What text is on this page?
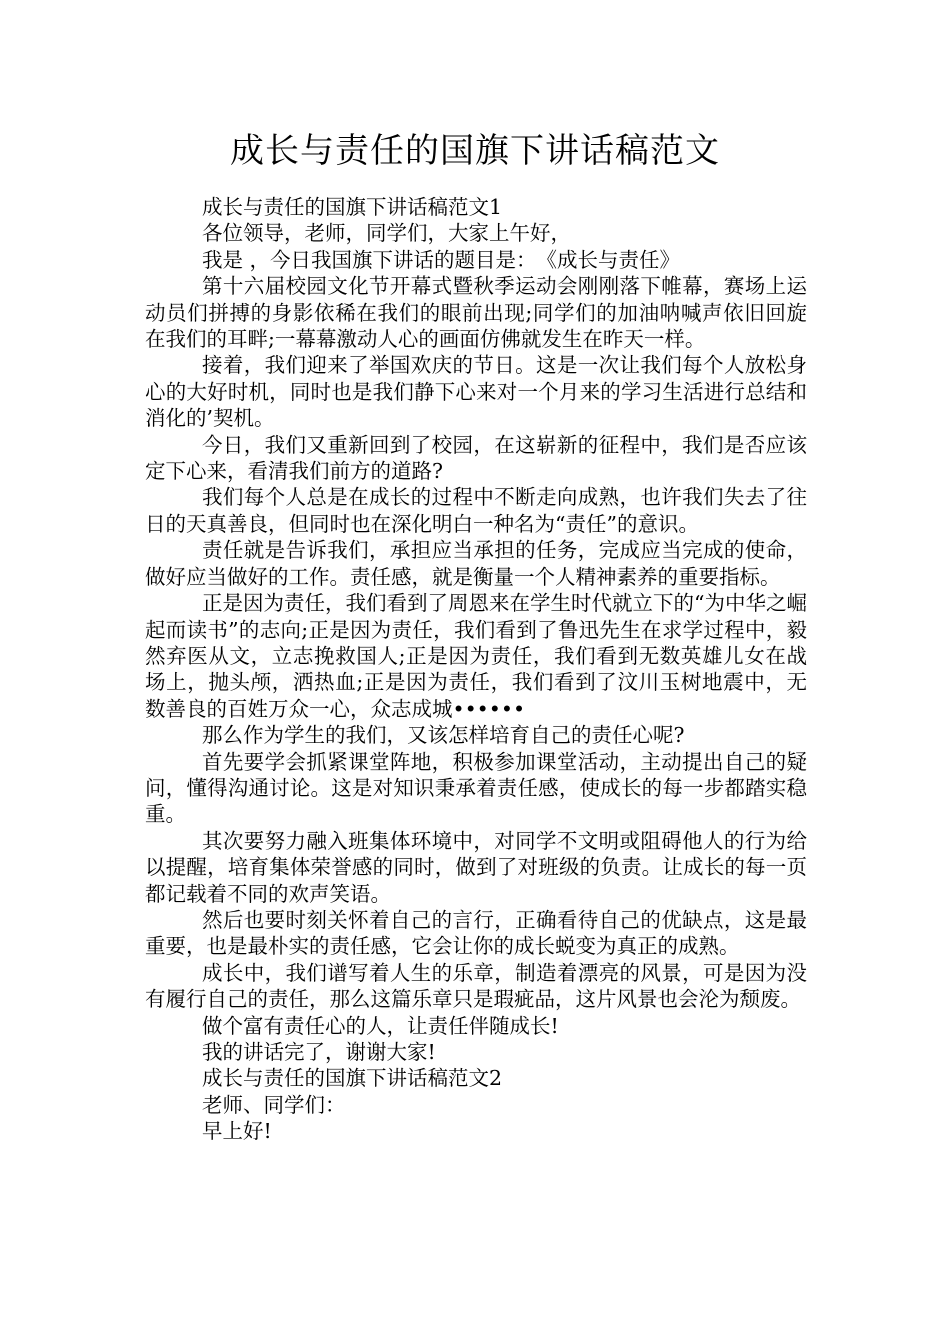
成长与责任的国旗下讲话稿范文

成长与责任的国旗下讲话稿范文1

各位领导，老师，同学们，大家上午好，

我是 ，今日我国旗下讲话的题目是：　《成长与责任》

第十六届校园文化节开幕式暨秋季运动会刚刚落下帷幕，赛场上运动员们拼搏的身影依稀在我们的眼前出现;同学们的加油呐喊声依旧回旋在我们的耳畔;一幕幕激动人心的画面仿佛就发生在昨天一样。

接着，我们迎来了举国欢庆的节日。这是一次让我们每个人放松身心的大好时机，同时也是我们静下心来对一个月来的学习生活进行总结和消化的’契机。

今日，我们又重新回到了校园，在这崭新的征程中，我们是否应该定下心来，看清我们前方的道路?

我们每个人总是在成长的过程中不断走向成熟，也许我们失去了往日的天真善良，但同时也在深化明白一种名为“责任”的意识。

责任就是告诉我们，承担应当承担的任务，完成应当完成的使命，做好应当做好的工作。责任感，就是衡量一个人精神素养的重要指标。

正是因为责任，我们看到了周恩来在学生时代就立下的“为中华之崛起而读书”的志向;正是因为责任，我们看到了鲁迅先生在求学过程中，毅然弃医从文，立志挽救国人;正是因为责任，我们看到无数英雄儿女在战场上，抛头颅，洒热血;正是因为责任，我们看到了汶川玉树地震中，无数善良的百姓万众一心，众志成城••••••

那么作为学生的我们，又该怎样培育自己的责任心呢?

首先要学会抓紧课堂阵地，积极参加课堂活动，主动提出自己的疑问，懂得沟通讨论。这是对知识秉承着责任感，使成长的每一步都踏实稳重。

其次要努力融入班集体环境中，对同学不文明或阻碍他人的行为给以提醒，培育集体荣誉感的同时，做到了对班级的负责。让成长的每一页都记载着不同的欢声笑语。

然后也要时刻关怀着自己的言行，正确看待自己的优缺点，这是最重要，也是最朴实的责任感，它会让你的成长蜕变为真正的成熟。

成长中，我们谱写着人生的乐章，制造着漂亮的风景，可是因为没有履行自己的责任，那么这篇乐章只是瑕疵品，这片风景也会沦为颓废。

做个富有责任心的人，让责任伴随成长!

我的讲话完了，谢谢大家!

成长与责任的国旗下讲话稿范文2

老师、同学们：

早上好!
